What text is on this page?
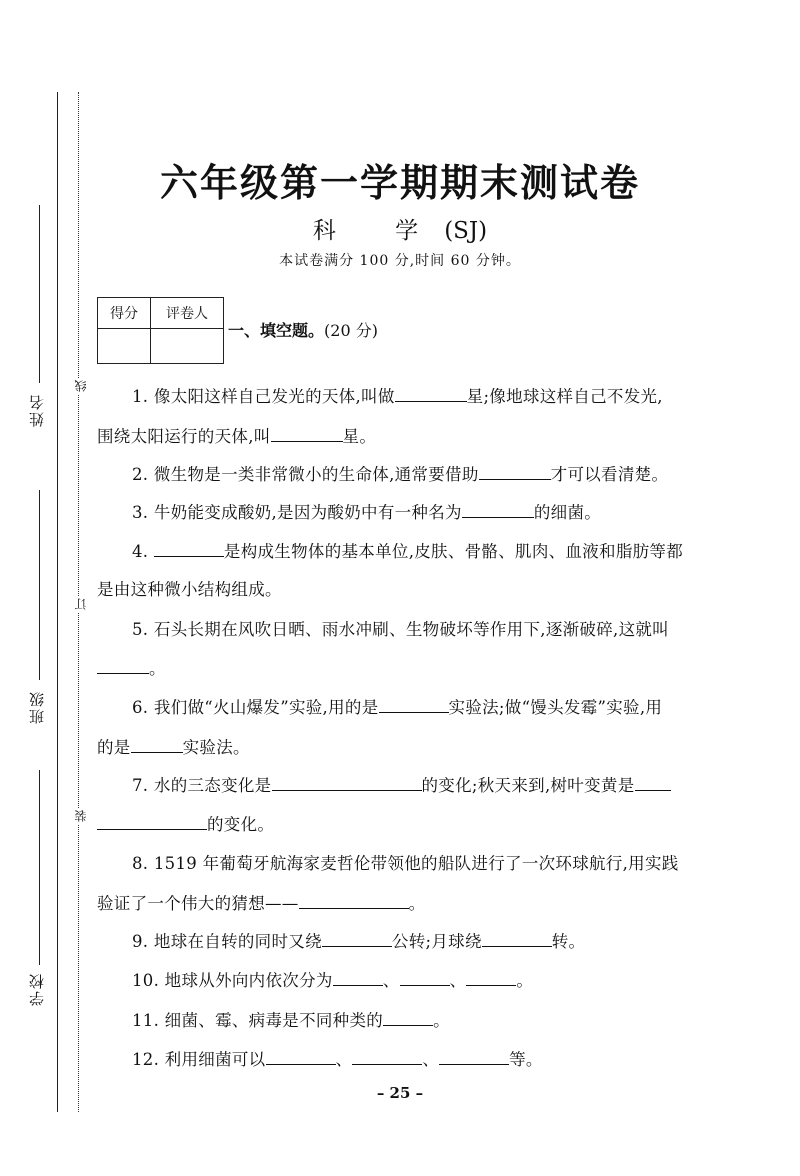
姓名
班级
学校
线
订
装
六年级第一学期期末测试卷
科 学(SJ)
本试卷满分 100 分,时间 60 分钟。
得分	评卷人

一、填空题。(20 分)
1. 像太阳这样自己发光的天体,叫做	星;像地球这样自己不发光,
围绕太阳运行的天体,叫	星。
2. 微生物是一类非常微小的生命体,通常要借助	才可以看清楚。
3. 牛奶能变成酸奶,是因为酸奶中有一种名为	的细菌。
4.	是构成生物体的基本单位,皮肤、骨骼、肌肉、血液和脂肪等都
是由这种微小结构组成。
5. 石头长期在风吹日晒、雨水冲刷、生物破坏等作用下,逐渐破碎,这就叫
。
6. 我们做“火山爆发”实验,用的是	实验法;做“馒头发霉”实验,用
的是	实验法。
7. 水的三态变化是	的变化;秋天来到,树叶变黄是
的变化。
8. 1519 年葡萄牙航海家麦哲伦带领他的船队进行了一次环球航行,用实践
验证了一个伟大的猜想——	。
9. 地球在自转的同时又绕	公转;月球绕	转。
10. 地球从外向内依次分为	、	、	。
11. 细菌、霉、病毒是不同种类的	。
12. 利用细菌可以	、	、	等。
– 25 –
